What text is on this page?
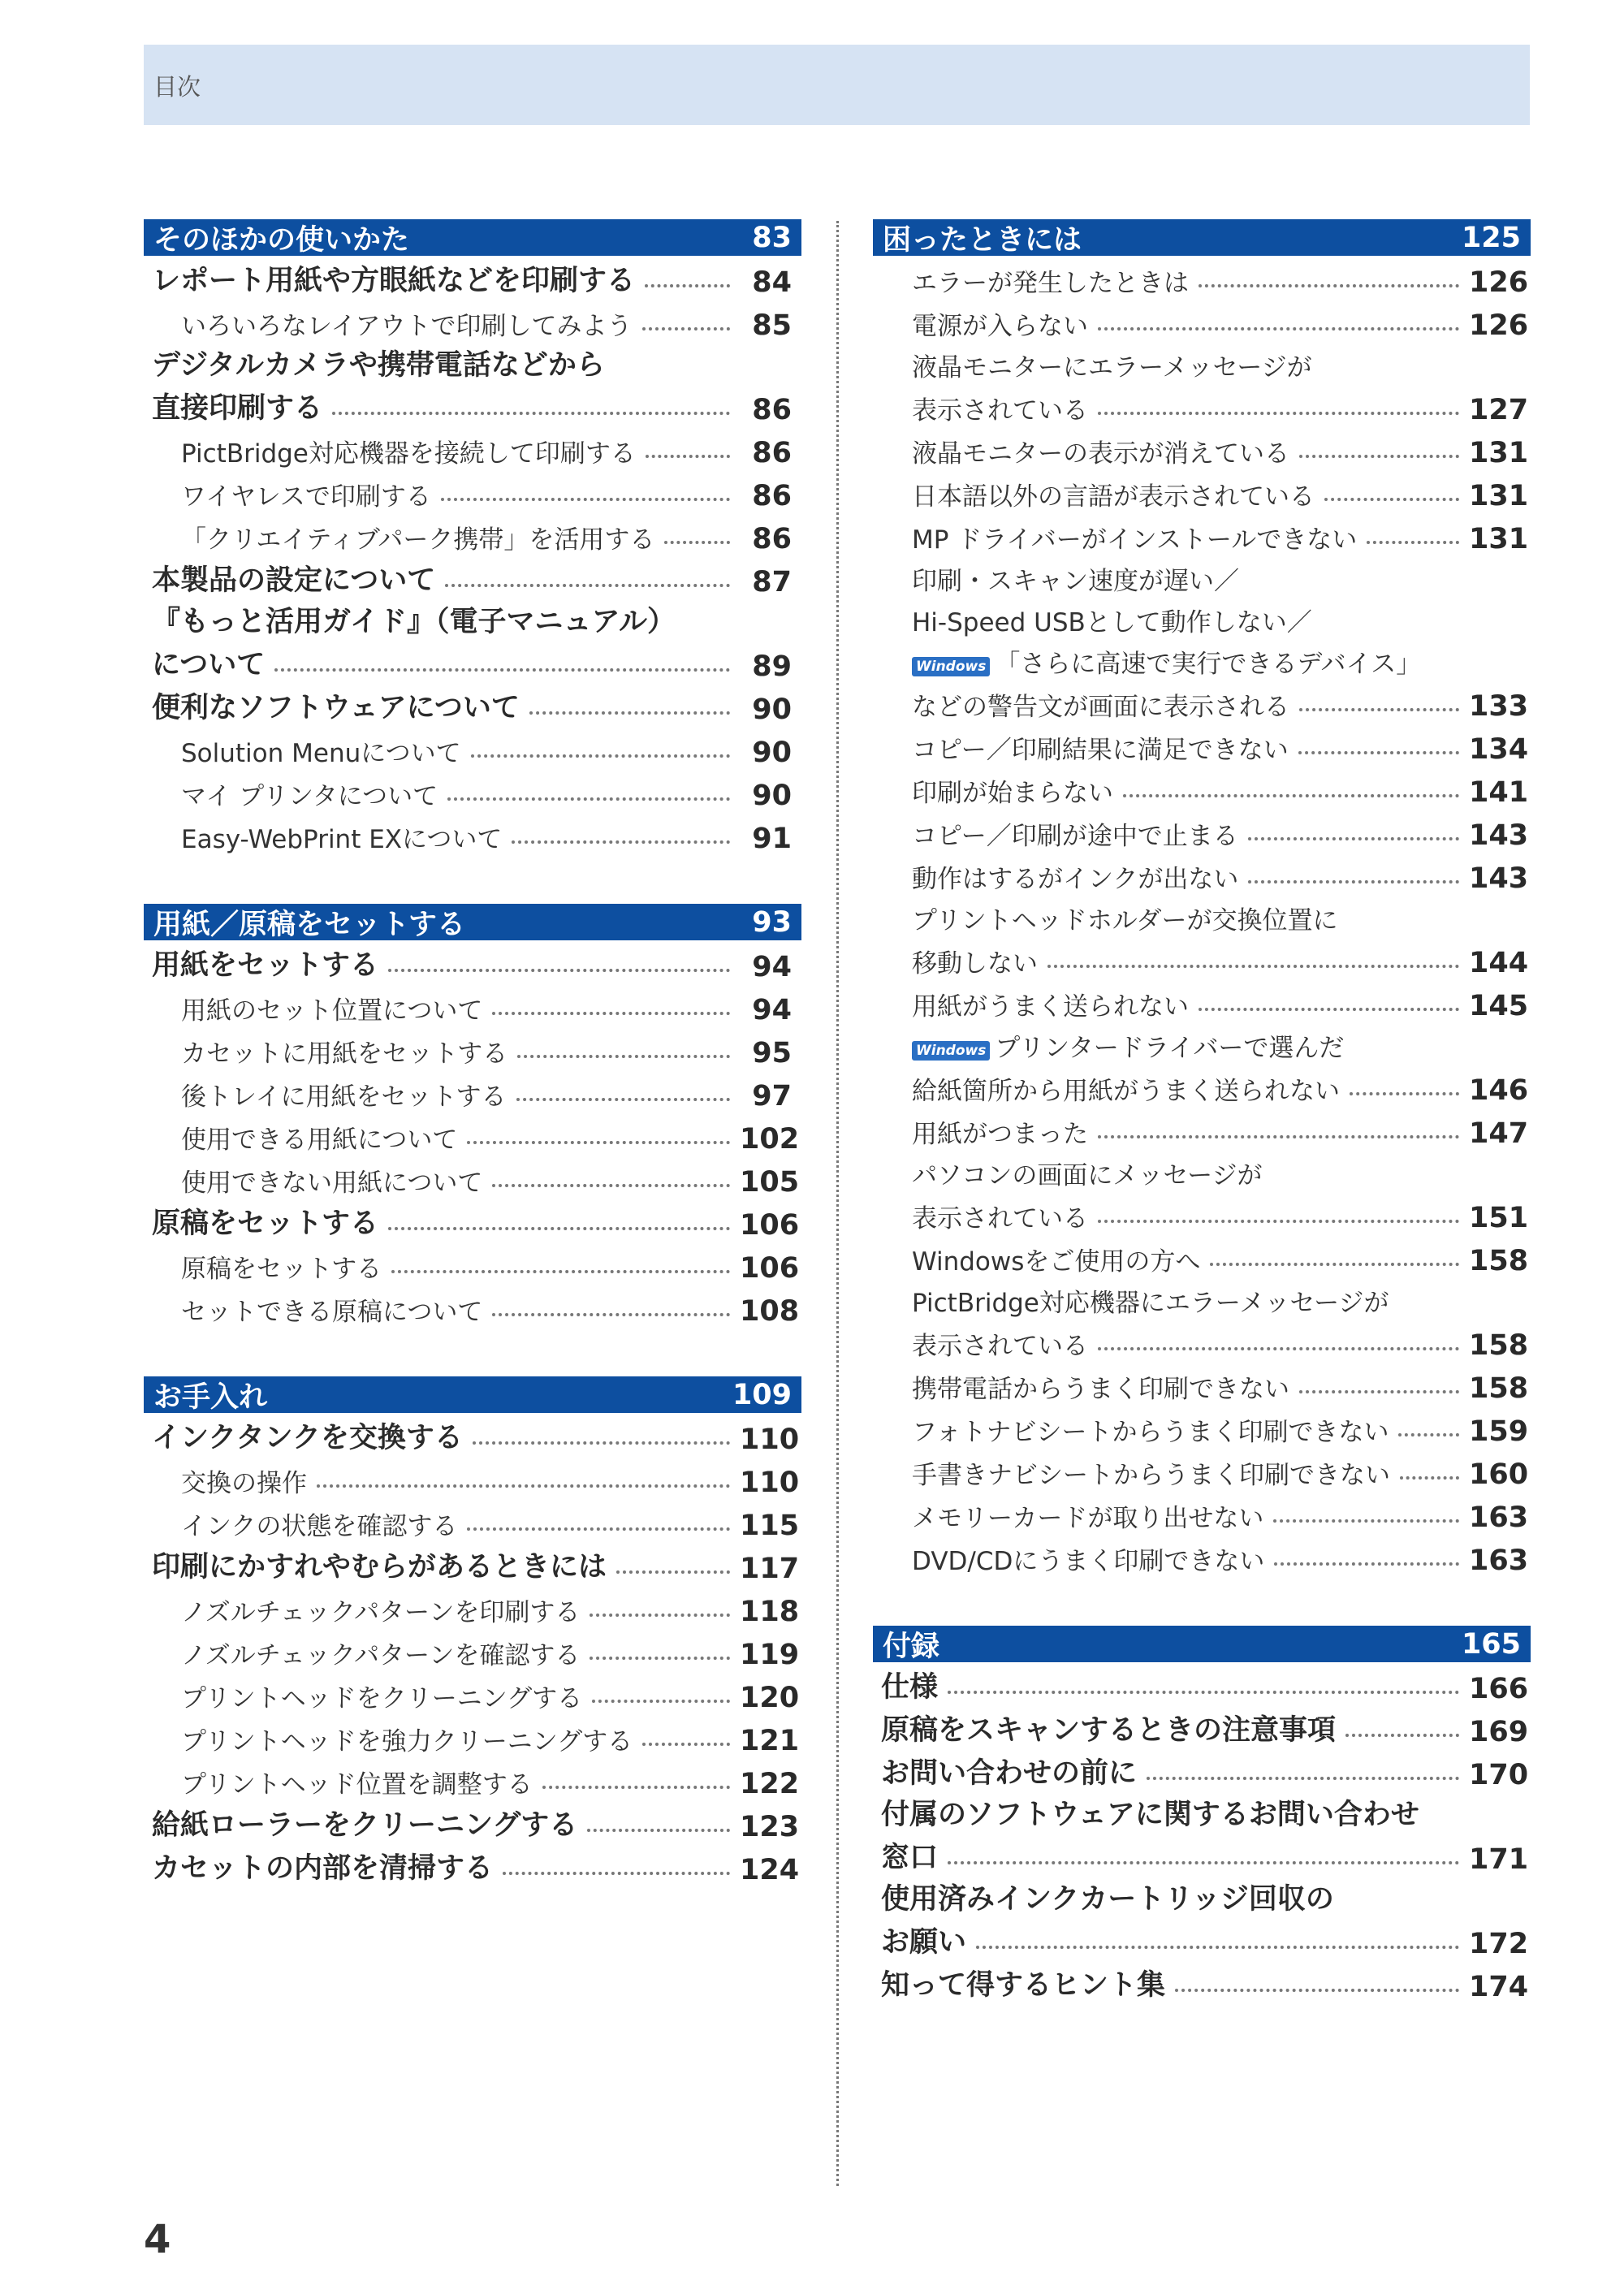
目次
そのほかの使いかた	83
レポート用紙や方眼紙などを印刷する	84
いろいろなレイアウトで印刷してみよう	85
デジタルカメラや携帯電話などから
直接印刷する	86
PictBridge対応機器を接続して印刷する	86
ワイヤレスで印刷する	86
「クリエイティブパーク携帯」を活用する	86
本製品の設定について	87
『もっと活用ガイド』（電子マニュアル）
について	89
便利なソフトウェアについて	90
Solution Menuについて	90
マイ プリンタについて	90
Easy-WebPrint EXについて	91
用紙／原稿をセットする	93
用紙をセットする	94
用紙のセット位置について	94
カセットに用紙をセットする	95
後トレイに用紙をセットする	97
使用できる用紙について	102
使用できない用紙について	105
原稿をセットする	106
原稿をセットする	106
セットできる原稿について	108
お手入れ	109
インクタンクを交換する	110
交換の操作	110
インクの状態を確認する	115
印刷にかすれやむらがあるときには	117
ノズルチェックパターンを印刷する	118
ノズルチェックパターンを確認する	119
プリントヘッドをクリーニングする	120
プリントヘッドを強力クリーニングする	121
プリントヘッド位置を調整する	122
給紙ローラーをクリーニングする	123
カセットの内部を清掃する	124
困ったときには	125
エラーが発生したときは	126
電源が入らない	126
液晶モニターにエラーメッセージが
表示されている	127
液晶モニターの表示が消えている	131
日本語以外の言語が表示されている	131
MP ドライバーがインストールできない	131
印刷・スキャン速度が遅い／
Hi-Speed USBとして動作しない／
Windows 「さらに高速で実行できるデバイス」
などの警告文が画面に表示される	133
コピー／印刷結果に満足できない	134
印刷が始まらない	141
コピー／印刷が途中で止まる	143
動作はするがインクが出ない	143
プリントヘッドホルダーが交換位置に
移動しない	144
用紙がうまく送られない	145
Windows プリンタードライバーで選んだ
給紙箇所から用紙がうまく送られない	146
用紙がつまった	147
パソコンの画面にメッセージが
表示されている	151
Windowsをご使用の方へ	158
PictBridge対応機器にエラーメッセージが
表示されている	158
携帯電話からうまく印刷できない	158
フォトナビシートからうまく印刷できない	159
手書きナビシートからうまく印刷できない	160
メモリーカードが取り出せない	163
DVD/CDにうまく印刷できない	163
付録	165
仕様	166
原稿をスキャンするときの注意事項	169
お問い合わせの前に	170
付属のソフトウェアに関するお問い合わせ
窓口	171
使用済みインクカートリッジ回収の
お願い	172
知って得するヒント集	174
4
